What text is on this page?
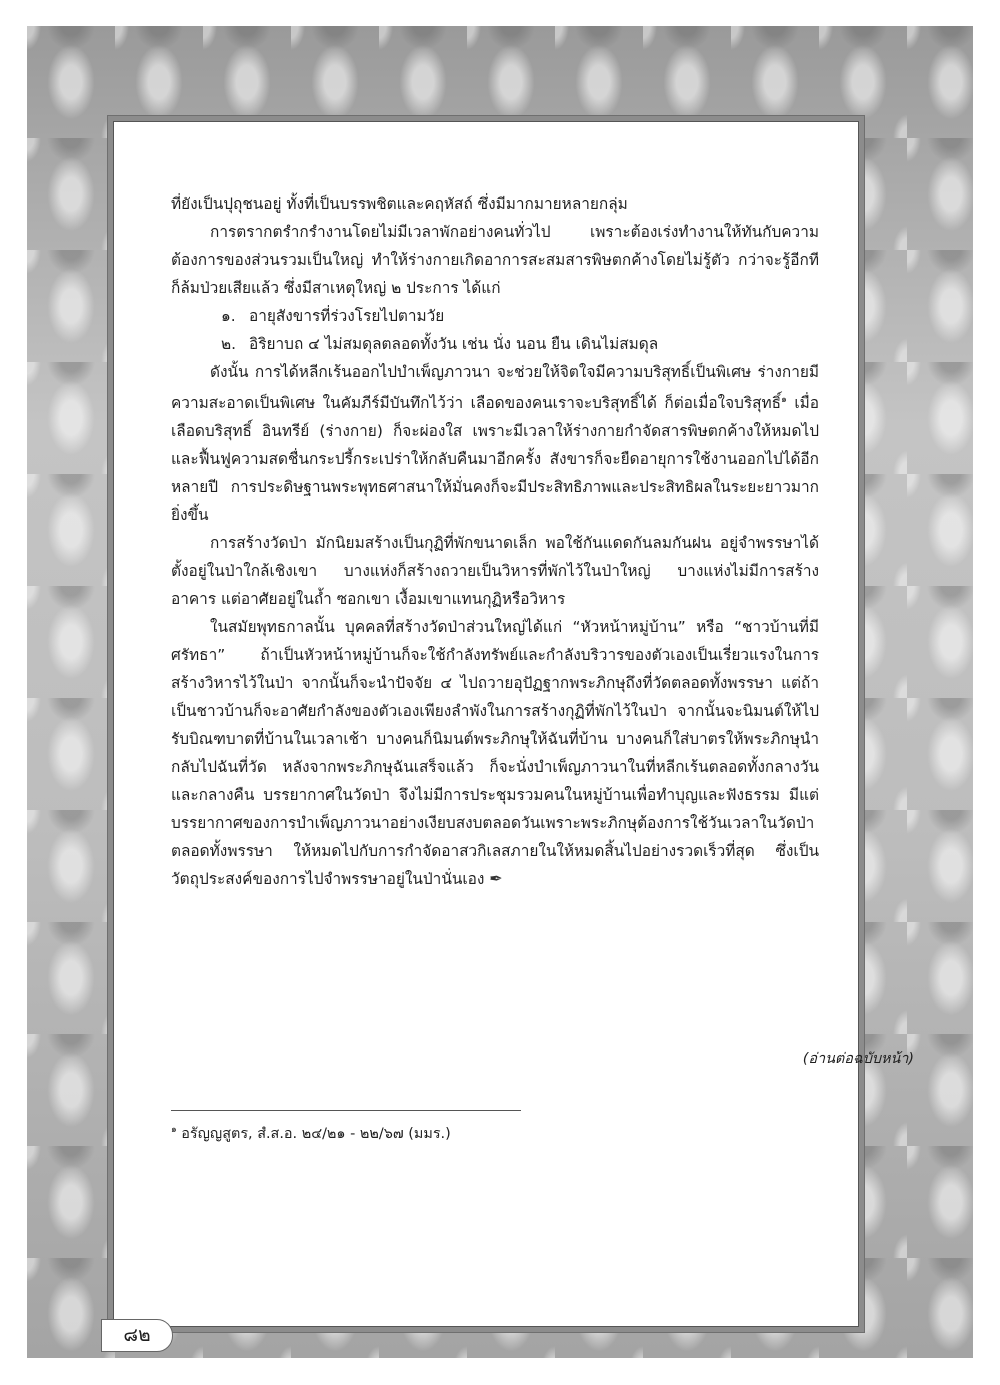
ที่ยังเป็นปุถุชนอยู่ ทั้งที่เป็นบรรพชิตและคฤหัสถ์ ซึ่งมีมากมายหลายกลุ่ม

การตรากตรำกรำงานโดยไม่มีเวลาพักอย่างคนทั่วไป เพราะต้องเร่งทำงานให้ทันกับความต้องการของส่วนรวมเป็นใหญ่ ทำให้ร่างกายเกิดอาการสะสมสารพิษตกค้างโดยไม่รู้ตัว กว่าจะรู้อีกทีก็ล้มป่วยเสียแล้ว ซึ่งมีสาเหตุใหญ่ ๒ ประการ ได้แก่

๑. อายุสังขารที่ร่วงโรยไปตามวัย

๒. อิริยาบถ ๔ ไม่สมดุลตลอดทั้งวัน เช่น นั่ง นอน ยืน เดินไม่สมดุล

ดังนั้น การได้หลีกเร้นออกไปบำเพ็ญภาวนา จะช่วยให้จิตใจมีความบริสุทธิ์เป็นพิเศษ ร่างกายมีความสะอาดเป็นพิเศษ ในคัมภีร์มีบันทึกไว้ว่า เลือดของคนเราจะบริสุทธิ์ได้ ก็ต่อเมื่อใจบริสุทธิ์$^๑$ เมื่อเลือดบริสุทธิ์ อินทรีย์ (ร่างกาย) ก็จะผ่องใส เพราะมีเวลาให้ร่างกายกำจัดสารพิษตกค้างให้หมดไปและฟื้นฟูความสดชื่นกระปรี้กระเปร่าให้กลับคืนมาอีกครั้ง สังขารก็จะยืดอายุการใช้งานออกไปได้อีกหลายปี การประดิษฐานพระพุทธศาสนาให้มั่นคงก็จะมีประสิทธิภาพและประสิทธิผลในระยะยาวมากยิ่งขึ้น

การสร้างวัดป่า มักนิยมสร้างเป็นกุฏิที่พักขนาดเล็ก พอใช้กันแดดกันลมกันฝน อยู่จำพรรษาได้ ตั้งอยู่ในป่าใกล้เชิงเขา บางแห่งก็สร้างถวายเป็นวิหารที่พักไว้ในป่าใหญ่ บางแห่งไม่มีการสร้างอาคาร แต่อาศัยอยู่ในถ้ำ ซอกเขา เงื้อมเขาแทนกุฏิหรือวิหาร

ในสมัยพุทธกาลนั้น บุคคลที่สร้างวัดป่าส่วนใหญ่ได้แก่ “หัวหน้าหมู่บ้าน” หรือ “ชาวบ้านที่มีศรัทธา” ถ้าเป็นหัวหน้าหมู่บ้านก็จะใช้กำลังทรัพย์และกำลังบริวารของตัวเองเป็นเรี่ยวแรงในการสร้างวิหารไว้ในป่า จากนั้นก็จะนำปัจจัย ๔ ไปถวายอุปัฏฐากพระภิกษุถึงที่วัดตลอดทั้งพรรษา แต่ถ้าเป็นชาวบ้านก็จะอาศัยกำลังของตัวเองเพียงลำพังในการสร้างกุฏิที่พักไว้ในป่า จากนั้นจะนิมนต์ให้ไปรับบิณฑบาตที่บ้านในเวลาเช้า บางคนก็นิมนต์พระภิกษุให้ฉันที่บ้าน บางคนก็ใส่บาตรให้พระภิกษุนำกลับไปฉันที่วัด หลังจากพระภิกษุฉันเสร็จแล้ว ก็จะนั่งบำเพ็ญภาวนาในที่หลีกเร้นตลอดทั้งกลางวันและกลางคืน บรรยากาศในวัดป่า จึงไม่มีการประชุมรวมคนในหมู่บ้านเพื่อทำบุญและฟังธรรม มีแต่บรรยากาศของการบำเพ็ญภาวนาอย่างเงียบสงบตลอดวันเพราะพระภิกษุต้องการใช้วันเวลาในวัดป่าตลอดทั้งพรรษา ให้หมดไปกับการกำจัดอาสวกิเลสภายในให้หมดสิ้นไปอย่างรวดเร็วที่สุด ซึ่งเป็นวัตถุประสงค์ของการไปจำพรรษาอยู่ในป่านั่นเอง ✒

(อ่านต่อฉบับหน้า)
$^๑$ อรัญญสูตร, สํ.ส.อ. ๒๔/๒๑ - ๒๒/๖๗ (มมร.)
๘๒
